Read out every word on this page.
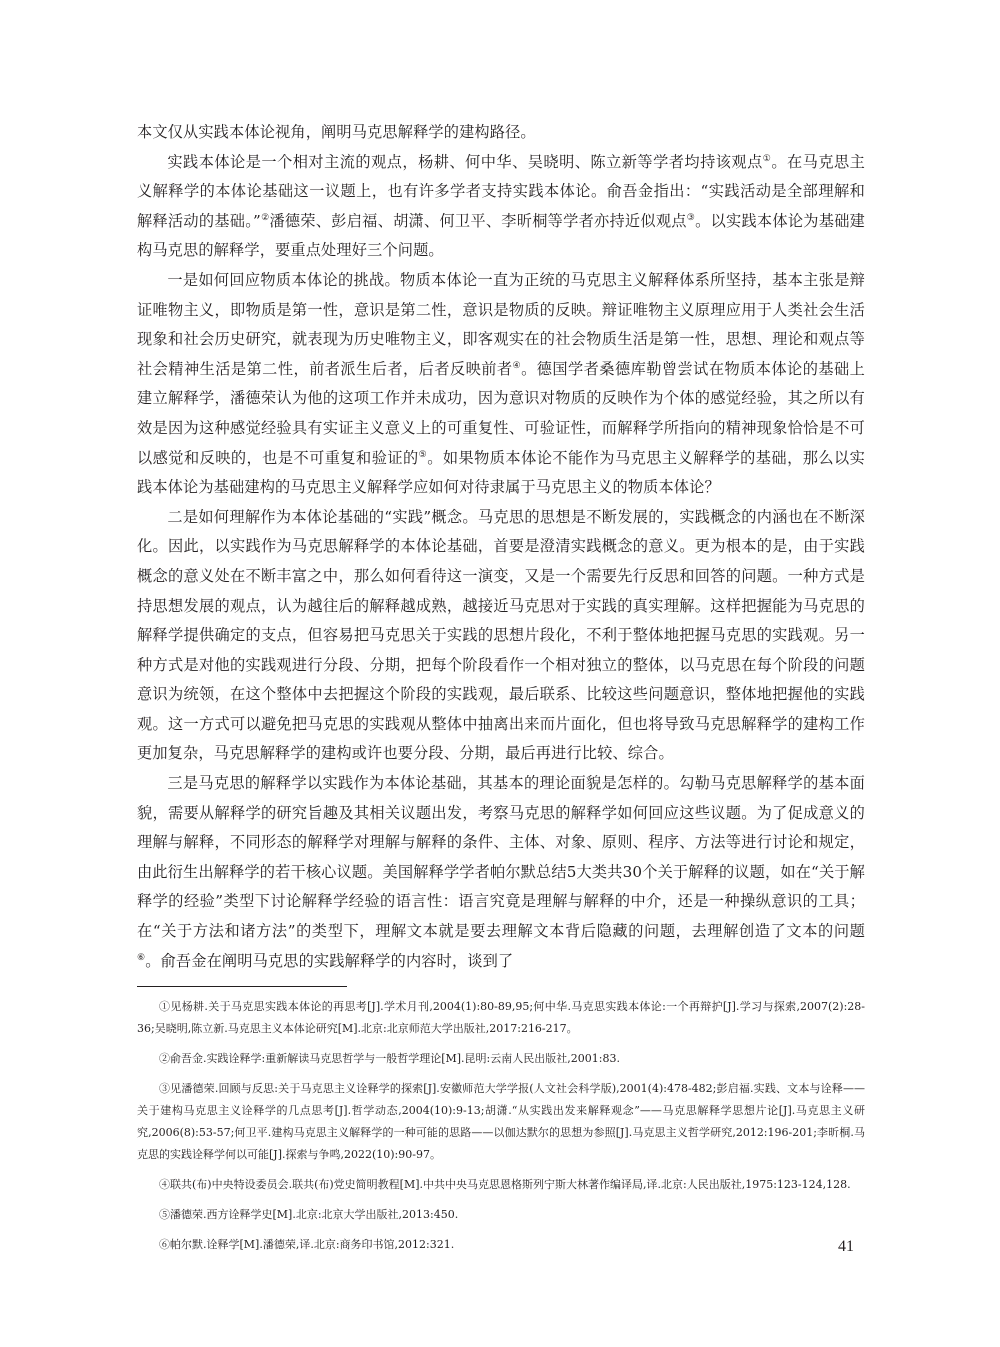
本文仅从实践本体论视角，阐明马克思解释学的建构路径。

实践本体论是一个相对主流的观点，杨耕、何中华、吴晓明、陈立新等学者均持该观点①。在马克思主义解释学的本体论基础这一议题上，也有许多学者支持实践本体论。俞吾金指出：“实践活动是全部理解和解释活动的基础。”②潘德荣、彭启福、胡潇、何卫平、李昕桐等学者亦持近似观点③。以实践本体论为基础建构马克思的解释学，要重点处理好三个问题。

一是如何回应物质本体论的挑战。物质本体论一直为正统的马克思主义解释体系所坚持，基本主张是辩证唯物主义，即物质是第一性，意识是第二性，意识是物质的反映。辩证唯物主义原理应用于人类社会生活现象和社会历史研究，就表现为历史唯物主义，即客观实在的社会物质生活是第一性，思想、理论和观点等社会精神生活是第二性，前者派生后者，后者反映前者④。德国学者桑德库勒曾尝试在物质本体论的基础上建立解释学，潘德荣认为他的这项工作并未成功，因为意识对物质的反映作为个体的感觉经验，其之所以有效是因为这种感觉经验具有实证主义意义上的可重复性、可验证性，而解释学所指向的精神现象恰恰是不可以感觉和反映的，也是不可重复和验证的⑤。如果物质本体论不能作为马克思主义解释学的基础，那么以实践本体论为基础建构的马克思主义解释学应如何对待隶属于马克思主义的物质本体论？

二是如何理解作为本体论基础的“实践”概念。马克思的思想是不断发展的，实践概念的内涵也在不断深化。因此，以实践作为马克思解释学的本体论基础，首要是澄清实践概念的意义。更为根本的是，由于实践概念的意义处在不断丰富之中，那么如何看待这一演变，又是一个需要先行反思和回答的问题。一种方式是持思想发展的观点，认为越往后的解释越成熟，越接近马克思对于实践的真实理解。这样把握能为马克思的解释学提供确定的支点，但容易把马克思关于实践的思想片段化，不利于整体地把握马克思的实践观。另一种方式是对他的实践观进行分段、分期，把每个阶段看作一个相对独立的整体，以马克思在每个阶段的问题意识为统领，在这个整体中去把握这个阶段的实践观，最后联系、比较这些问题意识，整体地把握他的实践观。这一方式可以避免把马克思的实践观从整体中抽离出来而片面化，但也将导致马克思解释学的建构工作更加复杂，马克思解释学的建构或许也要分段、分期，最后再进行比较、综合。

三是马克思的解释学以实践作为本体论基础，其基本的理论面貌是怎样的。勾勒马克思解释学的基本面貌，需要从解释学的研究旨趣及其相关议题出发，考察马克思的解释学如何回应这些议题。为了促成意义的理解与解释，不同形态的解释学对理解与解释的条件、主体、对象、原则、程序、方法等进行讨论和规定，由此衍生出解释学的若干核心议题。美国解释学学者帕尔默总结5大类共30个关于解释的议题，如在“关于解释学的经验”类型下讨论解释学经验的语言性：语言究竟是理解与解释的中介，还是一种操纵意识的工具；在“关于方法和诸方法”的类型下，理解文本就是要去理解文本背后隐藏的问题，去理解创造了文本的问题⑥。俞吾金在阐明马克思的实践解释学的内容时，谈到了

①见杨耕.关于马克思实践本体论的再思考[J].学术月刊,2004(1):80-89,95;何中华.马克思实践本体论:一个再辩护[J].学习与探索,2007(2):28-36;吴晓明,陈立新.马克思主义本体论研究[M].北京:北京师范大学出版社,2017:216-217。

②俞吾金.实践诠释学:重新解读马克思哲学与一般哲学理论[M].昆明:云南人民出版社,2001:83.

③见潘德荣.回顾与反思:关于马克思主义诠释学的探索[J].安徽师范大学学报(人文社会科学版),2001(4):478-482;彭启福.实践、文本与诠释——关于建构马克思主义诠释学的几点思考[J].哲学动态,2004(10):9-13;胡潇.“从实践出发来解释观念”——马克思解释学思想片论[J].马克思主义研究,2006(8):53-57;何卫平.建构马克思主义解释学的一种可能的思路——以伽达默尔的思想为参照[J].马克思主义哲学研究,2012:196-201;李昕桐.马克思的实践诠释学何以可能[J].探索与争鸣,2022(10):90-97。

④联共(布)中央特设委员会.联共(布)党史简明教程[M].中共中央马克思恩格斯列宁斯大林著作编译局,译.北京:人民出版社,1975:123-124,128.

⑤潘德荣.西方诠释学史[M].北京:北京大学出版社,2013:450.

⑥帕尔默.诠释学[M].潘德荣,译.北京:商务印书馆,2012:321.	41
